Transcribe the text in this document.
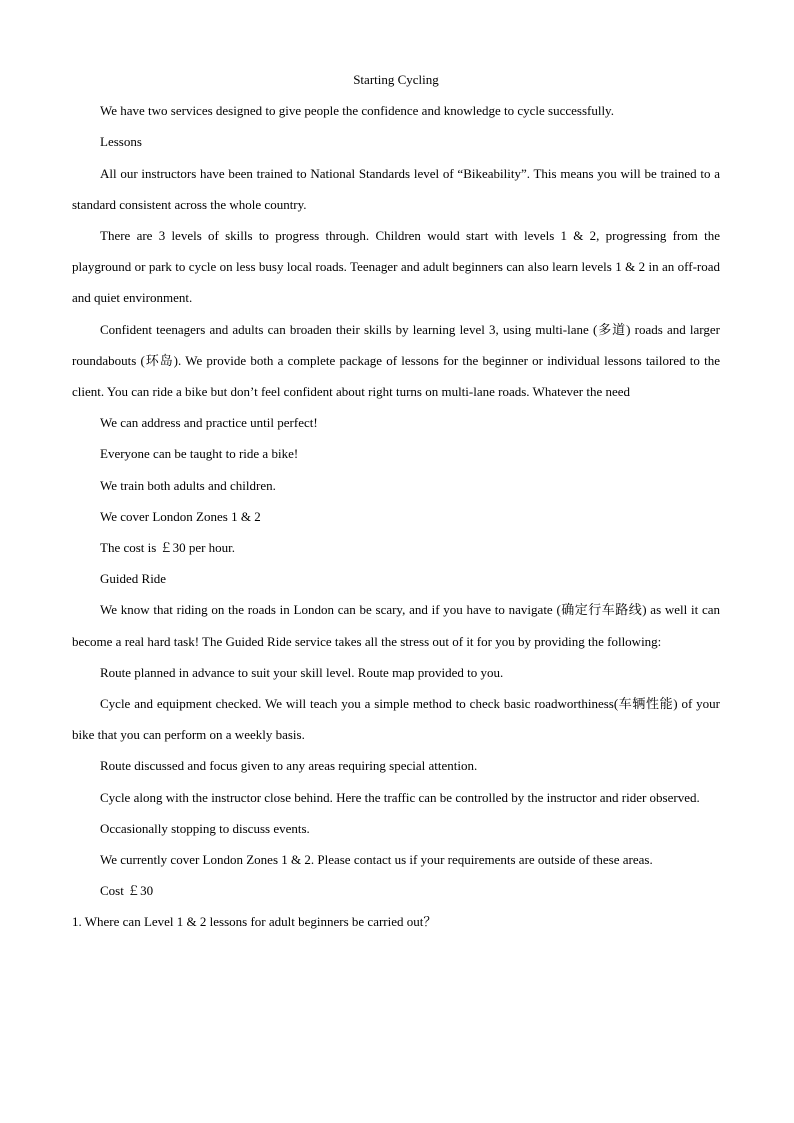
Starting Cycling

We have two services designed to give people the confidence and knowledge to cycle successfully.

Lessons

All our instructors have been trained to National Standards level of “Bikeability”. This means you will be trained to a standard consistent across the whole country.

There are 3 levels of skills to progress through. Children would start with levels 1 & 2, progressing from the playground or park to cycle on less busy local roads. Teenager and adult beginners can also learn levels 1 & 2 in an off-road and quiet environment.

Confident teenagers and adults can broaden their skills by learning level 3, using multi-lane (多道) roads and larger roundabouts (环岛). We provide both a complete package of lessons for the beginner or individual lessons tailored to the client. You can ride a bike but don’t feel confident about right turns on multi-lane roads. Whatever the need

We can address and practice until perfect!

Everyone can be taught to ride a bike!

We train both adults and children.

We cover London Zones 1 & 2

The cost is ￡30 per hour.

Guided Ride

We know that riding on the roads in London can be scary, and if you have to navigate (确定行车路线) as well it can become a real hard task! The Guided Ride service takes all the stress out of it for you by providing the following:

Route planned in advance to suit your skill level. Route map provided to you.

Cycle and equipment checked. We will teach you a simple method to check basic roadworthiness(车辆性能) of your bike that you can perform on a weekly basis.

Route discussed and focus given to any areas requiring special attention.

Cycle along with the instructor close behind. Here the traffic can be controlled by the instructor and rider observed.

Occasionally stopping to discuss events.

We currently cover London Zones 1 & 2. Please contact us if your requirements are outside of these areas.

Cost ￡30

1. Where can Level 1 & 2 lessons for adult beginners be carried out？
